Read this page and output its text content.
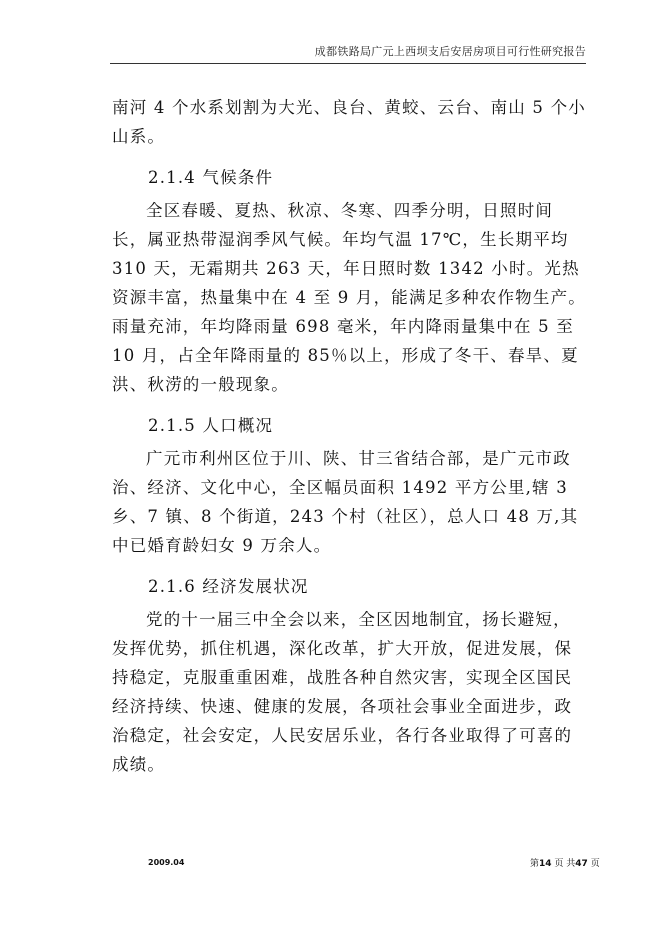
成都铁路局广元上西坝支后安居房项目可行性研究报告

南河 4 个水系划割为大光、良台、黄蛟、云台、南山 5 个小山系。

2.1.4 气候条件

全区春暖、夏热、秋凉、冬寒、四季分明，日照时间长，属亚热带湿润季风气候。年均气温 17℃，生长期平均 310 天，无霜期共 263 天，年日照时数 1342 小时。光热资源丰富，热量集中在 4 至 9 月，能满足多种农作物生产。雨量充沛，年均降雨量 698 毫米，年内降雨量集中在 5 至 10 月，占全年降雨量的 85％以上，形成了冬干、春旱、夏洪、秋涝的一般现象。

2.1.5 人口概况

广元市利州区位于川、陕、甘三省结合部，是广元市政治、经济、文化中心，全区幅员面积 1492 平方公里,辖 3 乡、7 镇、8 个街道，243 个村（社区），总人口 48 万,其中已婚育龄妇女 9 万余人。

2.1.6 经济发展状况

党的十一届三中全会以来，全区因地制宜，扬长避短，发挥优势，抓住机遇，深化改革，扩大开放，促进发展，保持稳定，克服重重困难，战胜各种自然灾害，实现全区国民经济持续、快速、健康的发展，各项社会事业全面进步，政治稳定，社会安定，人民安居乐业，各行各业取得了可喜的成绩。

2009.04	第14 页 共47 页
